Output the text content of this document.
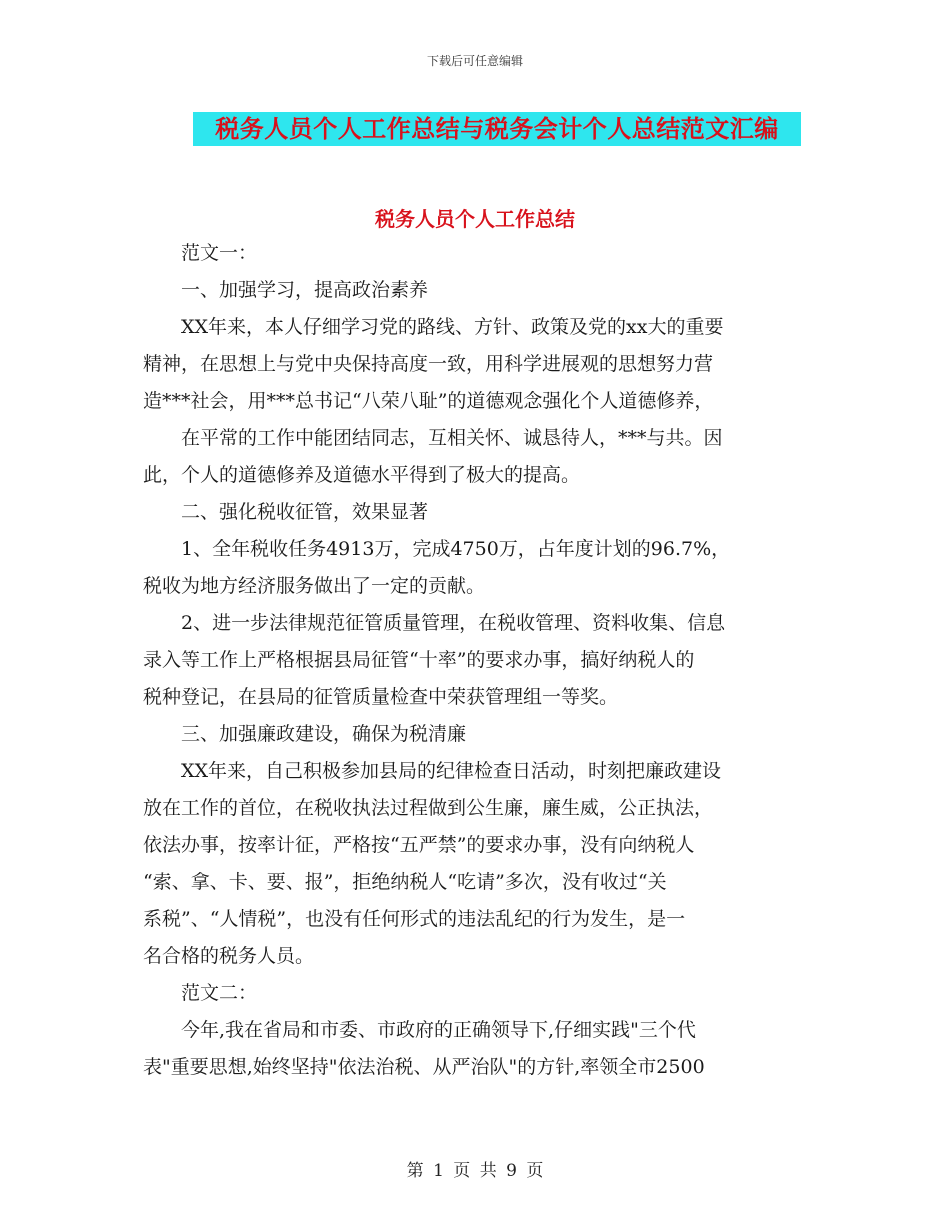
下载后可任意编辑
税务人员个人工作总结与税务会计个人总结范文汇编
税务人员个人工作总结

范文一：

一、加强学习，提高政治素养

XX年来，本人仔细学习党的路线、方针、政策及党的xx大的重要

精神，在思想上与党中央保持高度一致，用科学进展观的思想努力营

造***社会，用***总书记“八荣八耻”的道德观念强化个人道德修养，

在平常的工作中能团结同志，互相关怀、诚恳待人，***与共。因

此，个人的道德修养及道德水平得到了极大的提高。

二、强化税收征管，效果显著

1、全年税收任务4913万，完成4750万，占年度计划的96.7%，

税收为地方经济服务做出了一定的贡献。

2、进一步法律规范征管质量管理，在税收管理、资料收集、信息

录入等工作上严格根据县局征管“十率”的要求办事，搞好纳税人的

税种登记，在县局的征管质量检查中荣获管理组一等奖。

三、加强廉政建设，确保为税清廉

XX年来，自己积极参加县局的纪律检查日活动，时刻把廉政建设

放在工作的首位，在税收执法过程做到公生廉，廉生威，公正执法，

依法办事，按率计征，严格按“五严禁”的要求办事，没有向纳税人

“索、拿、卡、要、报”，拒绝纳税人“吃请”多次，没有收过“关

系税”、“人情税”，也没有任何形式的违法乱纪的行为发生，是一

名合格的税务人员。

范文二：

今年,我在省局和市委、市政府的正确领导下,仔细实践"三个代

表"重要思想,始终坚持"依法治税、从严治队"的方针,率领全市2500

第 1 页 共 9 页
